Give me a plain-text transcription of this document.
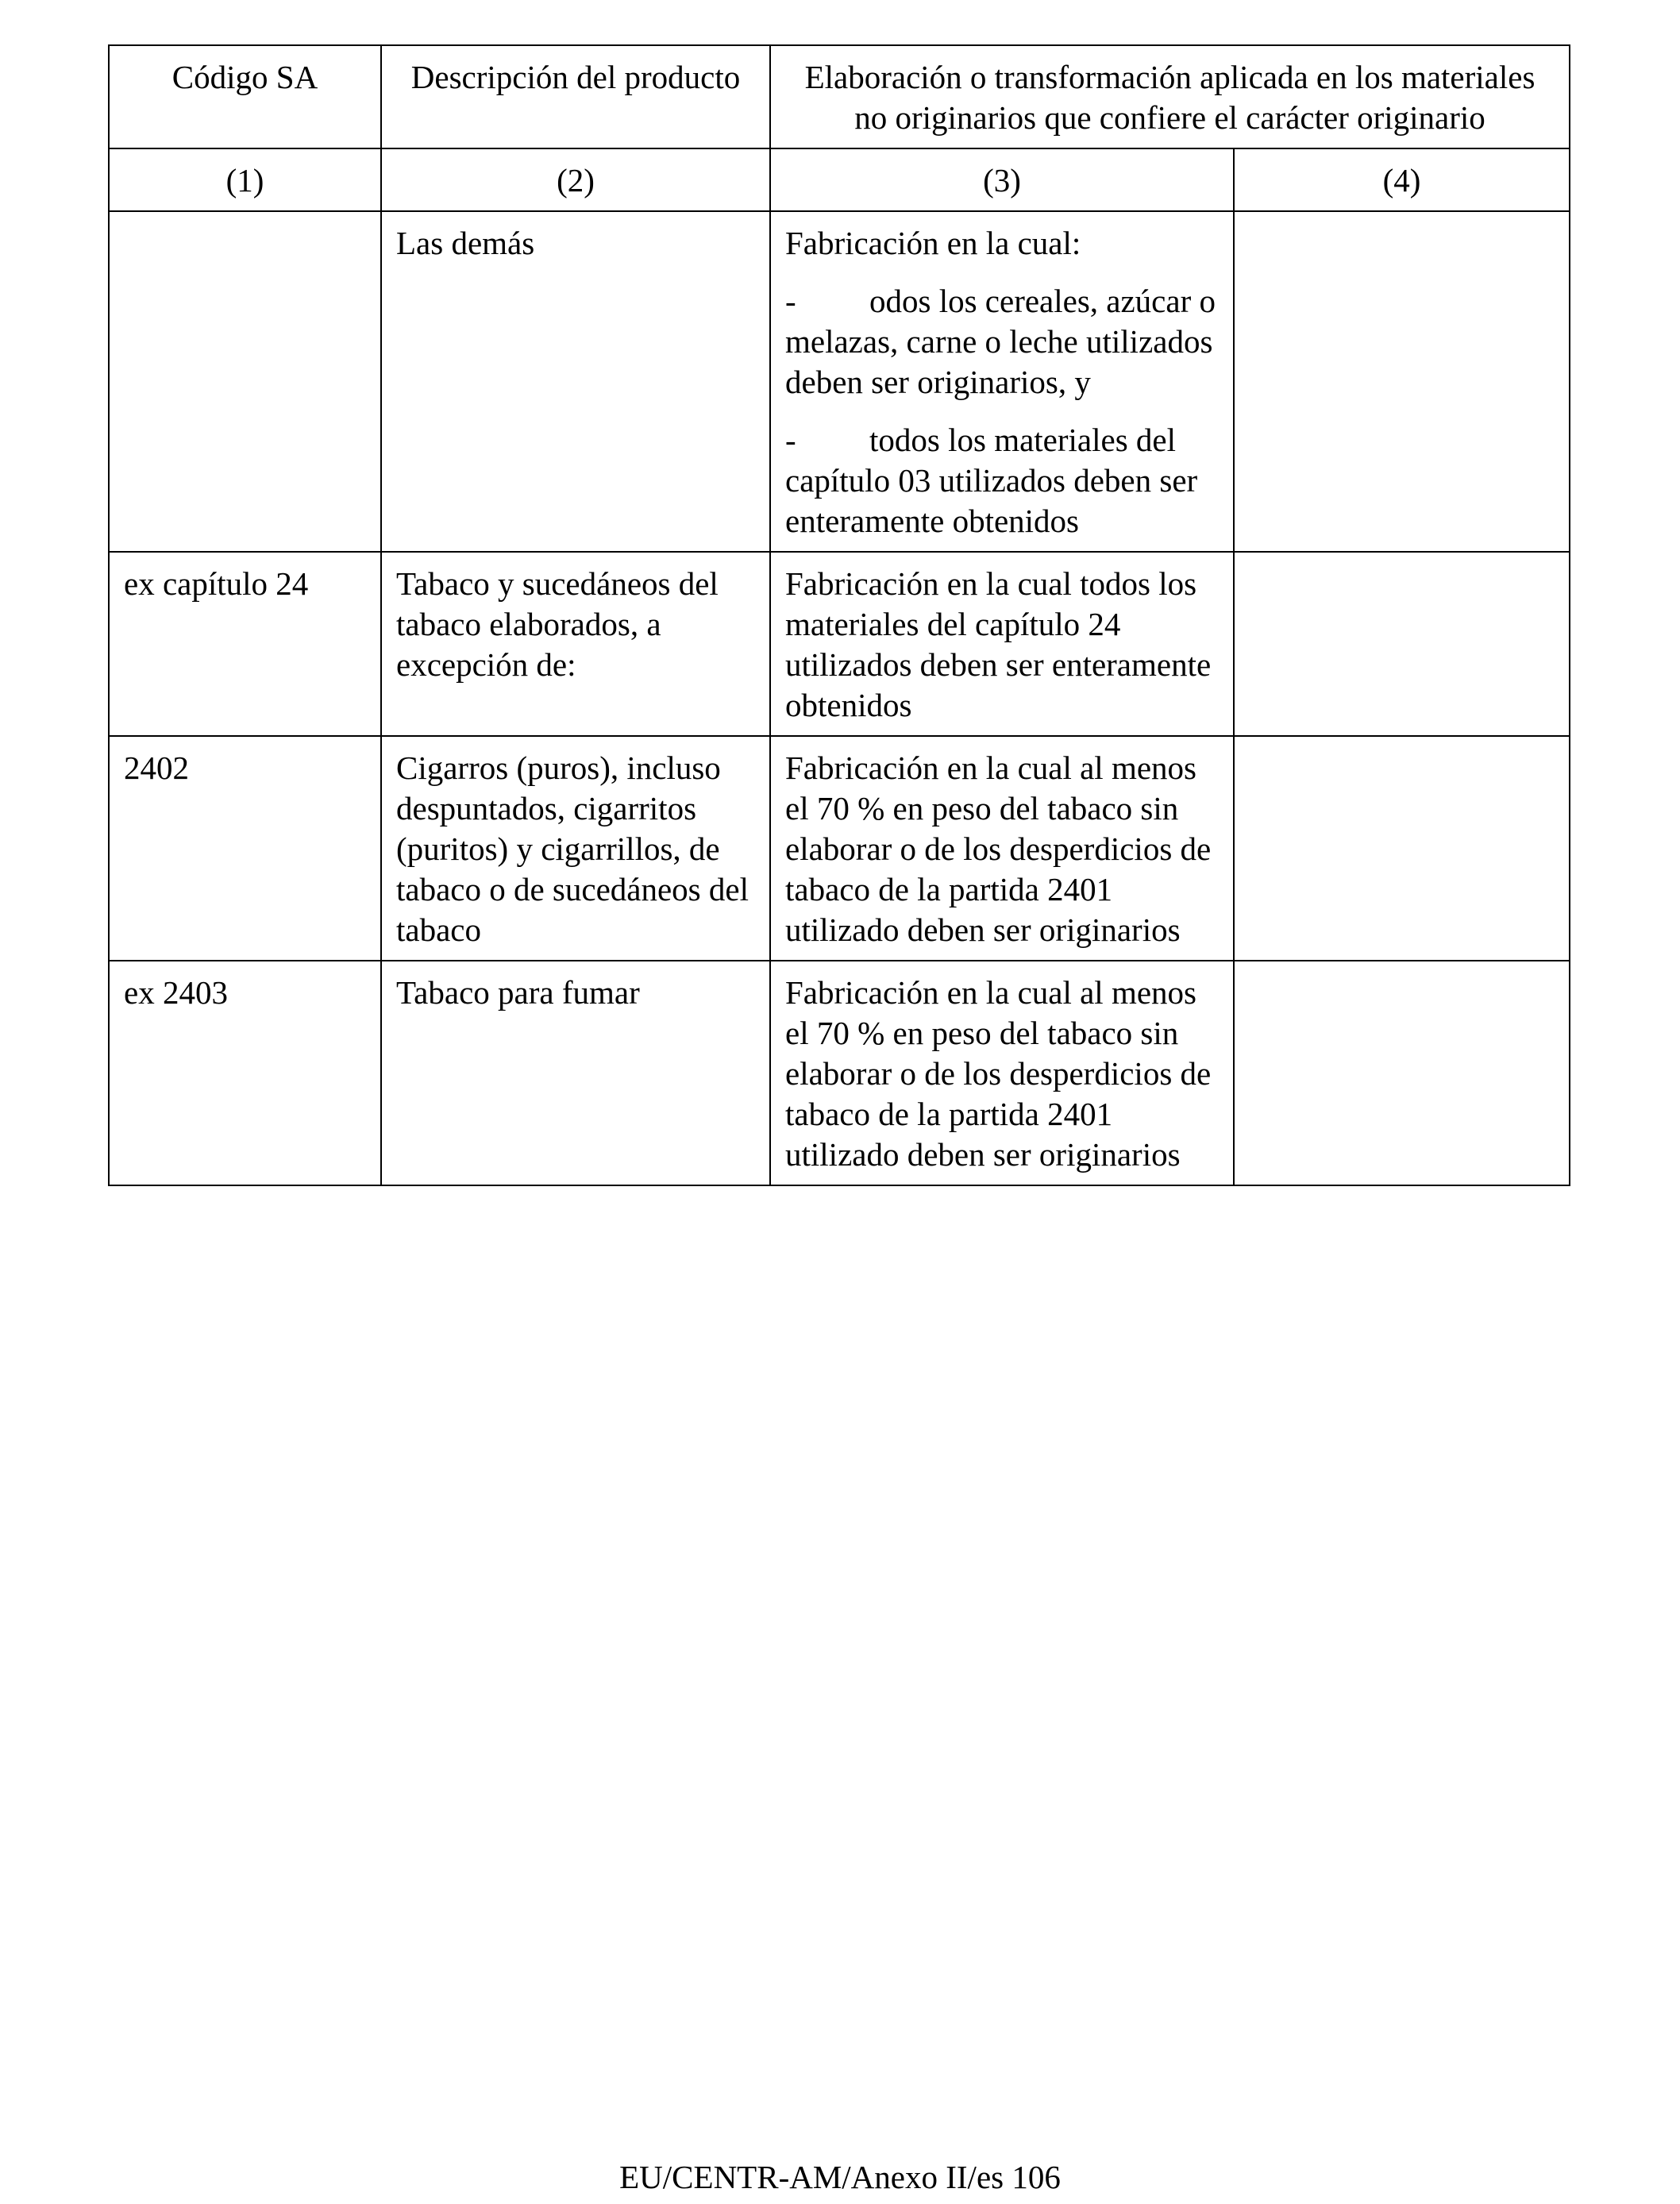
Código SA	Descripción del producto	Elaboración o transformación aplicada en los materiales no originarios que confiere el carácter originario	
(1)	(2)	(3)	(4)
	Las demás	Fabricación en la cual:

- odos los cereales, azúcar o melazas, carne o leche utilizados deben ser originarios, y

- todos los materiales del capítulo 03 utilizados deben ser enteramente obtenidos	

ex capítulo 24	Tabaco y sucedáneos del tabaco elaborados, a excepción de:	Fabricación en la cual todos los materiales del capítulo 24 utilizados deben ser enteramente obtenidos	
2402	Cigarros (puros), incluso despuntados, cigarritos (puritos) y cigarrillos, de tabaco o de sucedáneos del tabaco	Fabricación en la cual al menos el 70 % en peso del tabaco sin elaborar o de los desperdicios de tabaco de la partida 2401 utilizado deben ser originarios	
ex 2403	Tabaco para fumar	Fabricación en la cual al menos el 70 % en peso del tabaco sin elaborar o de los desperdicios de tabaco de la partida 2401 utilizado deben ser originarios	
EU/CENTR-AM/Anexo II/es 106
